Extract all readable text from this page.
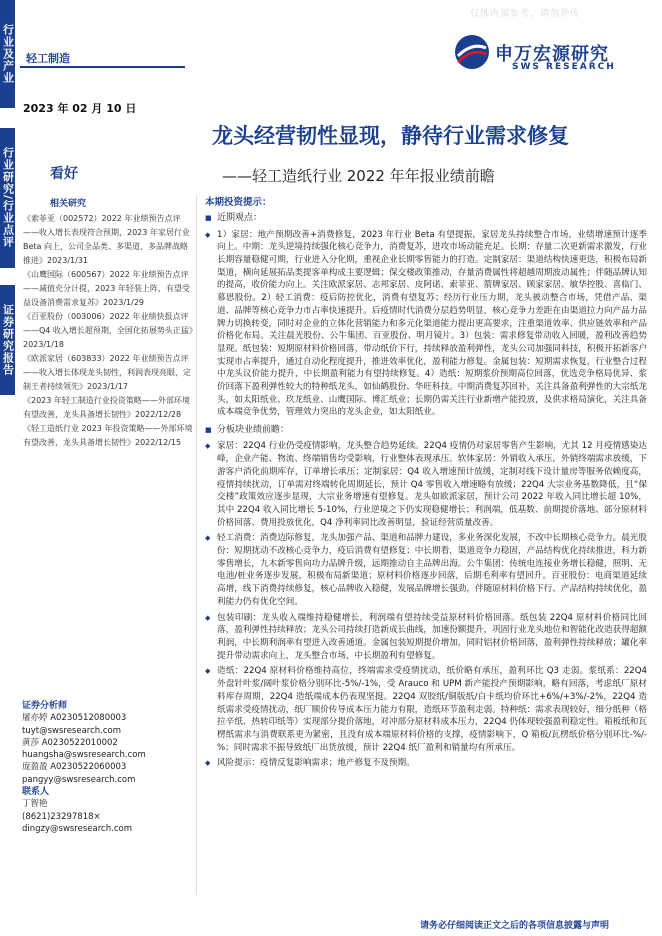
行业及产业
行业研究/行业点评
证券研究报告
仅供内部参考，请勿外传
轻工制造
2023 年 02 月 10 日
申万宏源研究
SWS RESEARCH
龙头经营韧性显现，静待行业需求修复
——轻工造纸行业 2022 年年报业绩前瞻
看好
相关研究
《索菲亚（002572）2022 年业绩预告点评——收入增长表现符合预期，2023 年家居行业 Beta 向上，公司全品类、多渠道、多品牌战略推进》2023/1/31
《山鹰国际（600567）2022 年业绩预告点评——减值充分计提，2023 年轻装上阵，有望受益设备消费需求复苏》2023/1/29
《百亚股份（003006）2022 年业绩快报点评——Q4 收入增长超预期，全国化拓展势头正猛》2023/1/18
《欧派家居（603833）2022 年业绩预告点评——收入增长体现龙头韧性，利润表现亮眼，定制王者持续领先》2023/1/17
《2023 年轻工制造行业投资策略——外部环境有望改善，龙头具备增长韧性》2022/12/28
《轻工造纸行业 2023 年投资策略——外部环境有望改善，龙头具备增长韧性》2022/12/15
证券分析师
屠亦婷 A0230512080003
tuyt@swsresearch.com
黄莎 A0230522010002
huangsha@swsresearch.com
庞盈盈 A0230522060003
pangyy@swsresearch.com
联系人
丁智艳
(8621)23297818×
dingzy@swsresearch.com
本期投资提示：
■ 近期观点：
◆ 1）家居：地产预期改善+消费修复，2023 年行业 Beta 有望提振，家居龙头持续整合市场，业绩增速预计逐季向上。中期：龙头逆境持续强化核心竞争力，消费复苏，进攻市场动能充足。长期：存量二次更新需求激发，行业长期容量稳健可期，行业进入分化期，重视企业长期零售能力的打造。定制家居：渠道结构快速更迭，积极布局新渠道，横向延展拓品类提客单构成主要逻辑；保交楼政策推动，存量消费属性将超越周期波动属性；伴随品牌认知的提高，收价能力向上。关注欧派家居、志邦家居、皮阿诺、索菲亚、箭牌家居、顾家家居、敏华控股、喜临门、慕思股份。2）轻工消费：疫后防控优化，消费有望复苏；经历行业压力期，龙头被动整合市场，凭借产品、渠道、品牌等核心竞争力市占率快速提升。后疫情时代消费分层趋势明显，核心竞争力差距在由渠道拉力向产品力品牌力切换转变，同时对企业的立体化营销能力和多元化渠道能力提出更高要求，注重渠道效率、供应链效率和产品价格化布局。关注晨光股份、公牛集团、百亚股份、明月镜片。3）包装：需求修复带动收入回暖，盈利改善趋势显现。纸包装：短期原材料价格回落，带动纸价下行，持续释放盈利弹性，龙头公司加强同料技，积极开拓新客户实现市占率提升，通过自动化程度提升，推进效率优化，盈利能力修复。金属包装：短期需求恢复，行业整合过程中龙头议价能力提升，中长期盈利能力有望持续修复。4）造纸：短期浆价预期高位回落，优选竞争格局优异、浆价回落下盈利弹性较大的特种纸龙头，如仙鹤股份、华旺科技。中期消费复苏回补，关注具备盈利弹性的大宗纸龙头，如太阳纸业、玖龙纸业、山鹰国际、博汇纸业；长期仍需关注行业新增产能投放，及供求格局演化，关注具备成本端竞争优势，管理效力突出的龙头企业，如太阳纸业。
■ 分板块业绩前瞻：
◆ 家居：22Q4 行业仍受疫情影响，龙头整合趋势延续。22Q4 疫情仍对家居零售产生影响，尤其 12 月疫情感染达峰，企业产能、物流、终端销售均受影响，行业整体表现承压。软体家居：外销收入承压，外销终端需求放缓，下游客户消化前期库存，订单增长承压；定制家居：Q4 收入增速预计放缓，定制对线下设计量房等服务依赖度高，疫情持续扰动，订单需对终端转化周期延长，预计 Q4 零售收入增速略有放缓；22Q4 大宗业务基数降低，且“保交楼”政策效应逐步显现，大宗业务增速有望修复。龙头如欧派家居，预计公司 2022 年收入同比增长超 10%，其中 22Q4 收入同比增长 5-10%，行业逆境之下仍实现稳健增长；利润端，低基数、前期提价落地、部分原材料价格回落、费用投放优化，Q4 净利率同比改善明显，验证经营质量改善。
◆ 轻工消费：消费边际修复，龙头加强产品、渠道和品牌力建设，多业务深化发展，不改中长期核心竞争力。晨光股份：短期扰动不改核心竞争力，疫后消费有望修复；中长期看，渠道竞争力稳固，产品结构优化持续推进，科力新零售增长，九木新零售向功力品牌升级，远期推动自主品牌出海。公牛集团：传统电连接业务增长稳健，照明、无电池/桩业务逐步发展，积极布局新渠道；原材料价格逐步回落，后期毛利率有望回升。百亚股份：电商渠道延续高增，线下消费持续修复，核心品牌收入稳健，发展品牌增长强劲，伴随原材料价格下行、产品结构持续优化，盈利能力仍有优化空间。
◆ 包装印刷：龙头收入端维持稳健增长，利润端有望持续受益原材料价格回落。纸包装 22Q4 原材料价格同比回落，盈利弹性持续释放；龙头公司持续打造新成长曲线，加速份额提升，巩固行业龙头地位和智能化改造获得超额利润，中长期利润率有望进入改善通道。金属包装短期提价增加，同时铝材价格回落，盈利弹性持续释放；罐化率提升带动需求向上，龙头整合市场，中长期盈利有望修复。
◆ 造纸：22Q4 原材料价格维持高位，终端需求受疫情扰动，纸价略有承压，盈利环比 Q3 走弱。浆纸系：22Q4 外盘针叶浆/阔叶浆价格分别环比-5%/-1%，受 Arauco 和 UPM 新产能投产预期影响，略有回落，考虑纸厂原材料库存周期，22Q4 造纸端成本仍表现坚挺。22Q4 双胶纸/铜版纸/白卡纸均价环比+6%/+3%/-2%，22Q4 造纸需求受疫情扰动，纸厂顺价传导成本压力能力有限，造纸环节盈利走弱。特种纸：需求表现较好，细分纸种（格拉辛纸、热转印纸等）实现部分提价落地，对冲部分原材料成本压力，22Q4 仍体现较强盈利稳定性。箱板纸和瓦楞纸需求与消费联系更为紧密，且没有成本端原材料价格的支撑，疫情影响下，Q 箱板/瓦楞纸价格分别环比-%/-%；同时需求不振导致纸厂出货放缓，预计 22Q4 纸厂盈利和销量均有所承压。
◆ 风险提示：疫情反复影响需求；地产修复不及预期。
请务必仔细阅读正文之后的各项信息披露与声明
